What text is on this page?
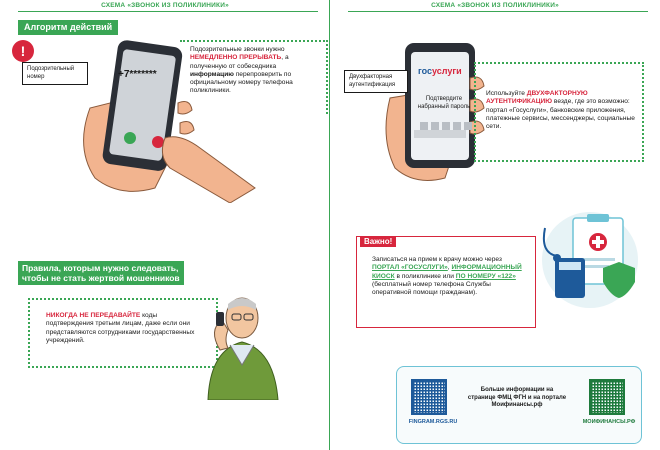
СХЕМА «ЗВОНОК ИЗ ПОЛИКЛИНИКИ»
Алгоритм действий
+7*******
!
Подозрительный номер
Подозрительные звонки нужно НЕМЕДЛЕННО ПРЕРЫВАТЬ, а полученную от собеседника информацию перепроверить по официальному номеру телефона поликлиники.
Правила, которым нужно следовать,
чтобы не стать жертвой мошенников
НИКОГДА НЕ ПЕРЕДАВАЙТЕ коды подтверждения третьим лицам, даже если они представляются сотрудниками государственных учреждений.
СХЕМА «ЗВОНОК ИЗ ПОЛИКЛИНИКИ»
госуслуги
Подтвердите набранный пароль
Двухфакторная аутентификация
Используйте ДВУХФАКТОРНУЮ АУТЕНТИФИКАЦИЮ везде, где это возможно: портал «Госуслуги», банковские приложения, платежные сервисы, мессенджеры, социальные сети.
Важно!
Записаться на прием к врачу можно через ПОРТАЛ «ГОСУСЛУГИ», ИНФОРМАЦИОННЫЙ КИОСК в поликлинике или ПО НОМЕРУ «122» (бесплатный номер телефона Службы оперативной помощи гражданам).
FINGRAM.RGS.RU
Больше информации на странице ФМЦ ФГН и на портале Моифинансы.рф
МОИФИНАНСЫ.РФ
